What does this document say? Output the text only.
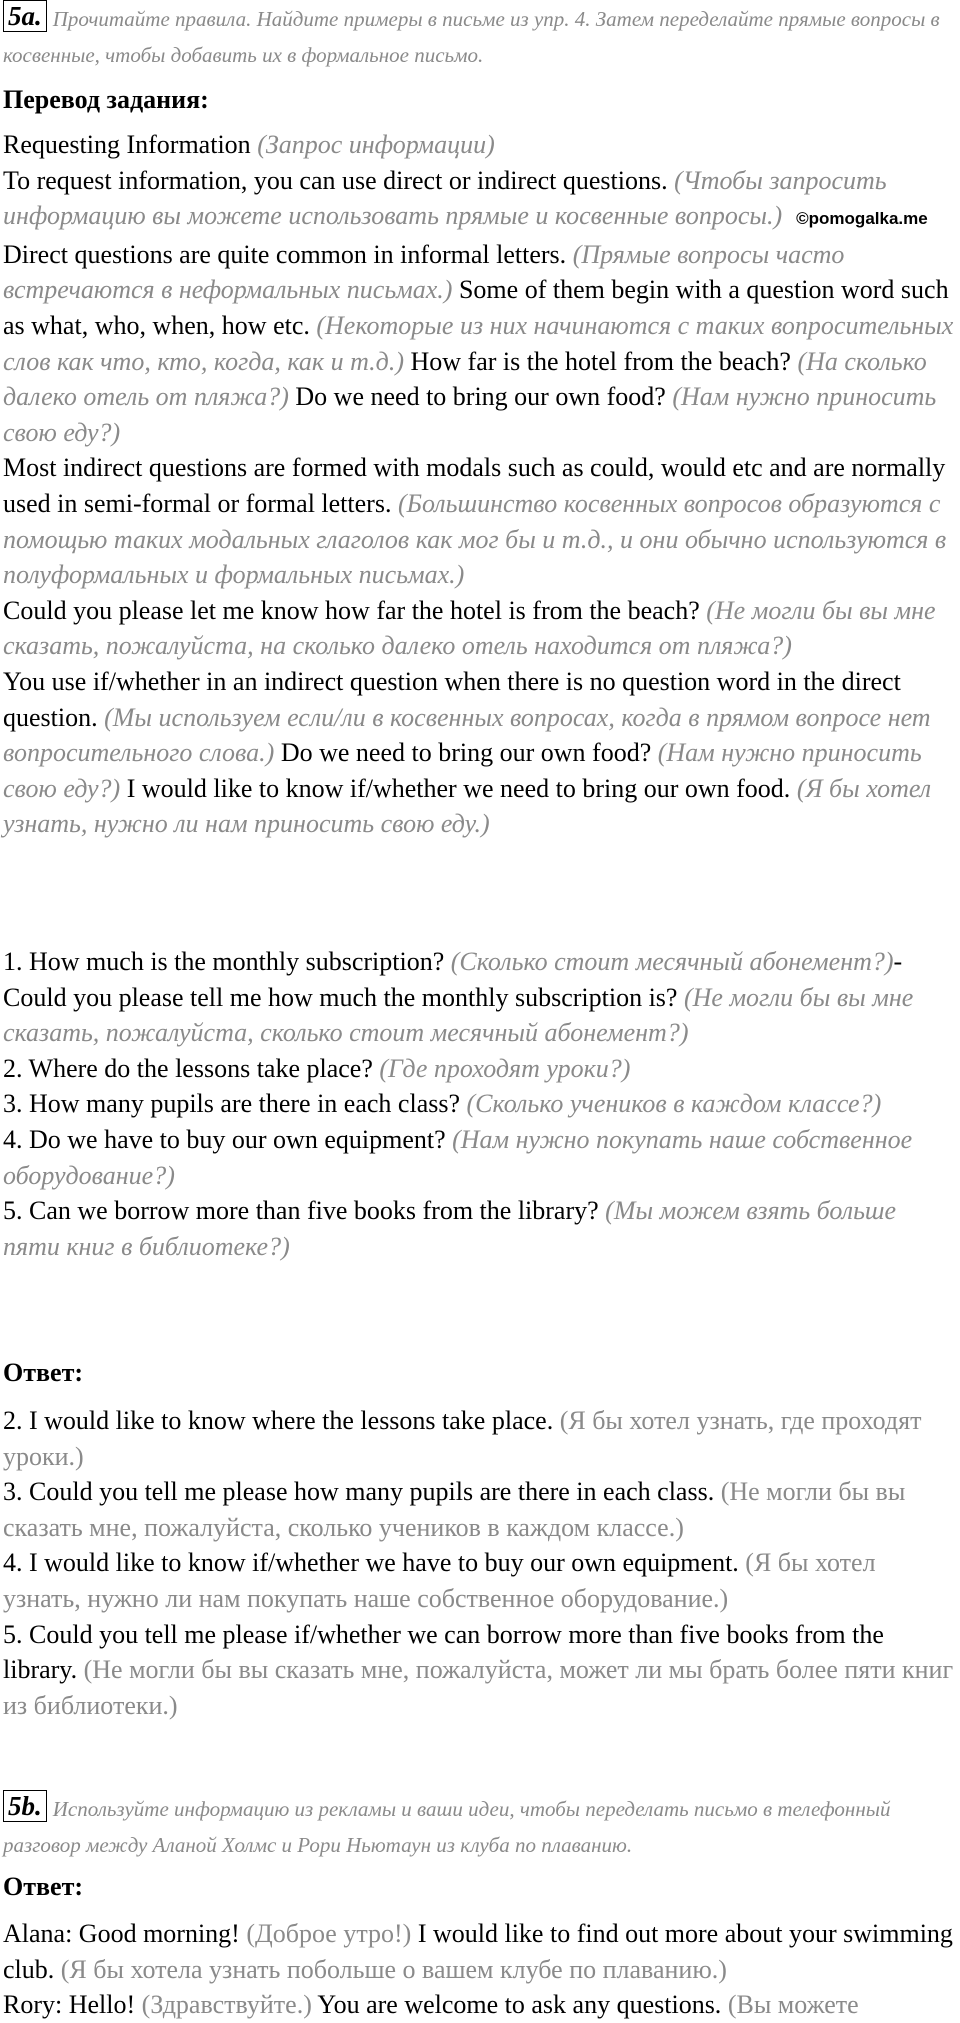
5a. Прочитайте правила. Найдите примеры в письме из упр. 4. Затем переделайте прямые вопросы в косвенные, чтобы добавить их в формальное письмо.
Перевод задания:
Requesting Information (Запрос информации)
To request information, you can use direct or indirect questions. (Чтобы запросить информацию вы можете использовать прямые и косвенные вопросы.) ©pomogalka.me
Direct questions are quite common in informal letters. (Прямые вопросы часто встречаются в неформальных письмах.) Some of them begin with a question word such as what, who, when, how etc. (Некоторые из них начинаются с таких вопросительных слов как что, кто, когда, как и т.д.) How far is the hotel from the beach? (На сколько далеко отель от пляжа?) Do we need to bring our own food? (Нам нужно приносить свою еду?)
Most indirect questions are formed with modals such as could, would etc and are normally used in semi-formal or formal letters. (Большинство косвенных вопросов образуются с помощью таких модальных глаголов как мог бы и т.д., и они обычно используются в полуформальных и формальных письмах.)
Could you please let me know how far the hotel is from the beach? (Не могли бы вы мне сказать, пожалуйста, на сколько далеко отель находится от пляжа?)
You use if/whether in an indirect question when there is no question word in the direct question. (Мы используем если/ли в косвенных вопросах, когда в прямом вопросе нет вопросительного слова.) Do we need to bring our own food? (Нам нужно приносить свою еду?) I would like to know if/whether we need to bring our own food. (Я бы хотел узнать, нужно ли нам приносить свою еду.)
1. How much is the monthly subscription? (Сколько стоит месячный абонемент?)- Could you please tell me how much the monthly subscription is? (Не могли бы вы мне сказать, пожалуйста, сколько стоит месячный абонемент?)
2. Where do the lessons take place? (Где проходят уроки?)
3. How many pupils are there in each class? (Сколько учеников в каждом классе?)
4. Do we have to buy our own equipment? (Нам нужно покупать наше собственное оборудование?)
5. Can we borrow more than five books from the library? (Мы можем взять больше пяти книг в библиотеке?)
Ответ:
2. I would like to know where the lessons take place. (Я бы хотел узнать, где проходят уроки.)
3. Could you tell me please how many pupils are there in each class. (Не могли бы вы сказать мне, пожалуйста, сколько учеников в каждом классе.)
4. I would like to know if/whether we have to buy our own equipment. (Я бы хотел узнать, нужно ли нам покупать наше собственное оборудование.)
5. Could you tell me please if/whether we can borrow more than five books from the library. (Не могли бы вы сказать мне, пожалуйста, может ли мы брать более пяти книг из библиотеки.)
5b. Используйте информацию из рекламы и ваши идеи, чтобы переделать письмо в телефонный разговор между Аланой Холмс и Рори Ньютаун из клуба по плаванию.
Ответ:
Alana: Good morning! (Доброе утро!) I would like to find out more about your swimming club. (Я бы хотела узнать побольше о вашем клубе по плаванию.)
Rory: Hello! (Здравствуйте.) You are welcome to ask any questions. (Вы можете
